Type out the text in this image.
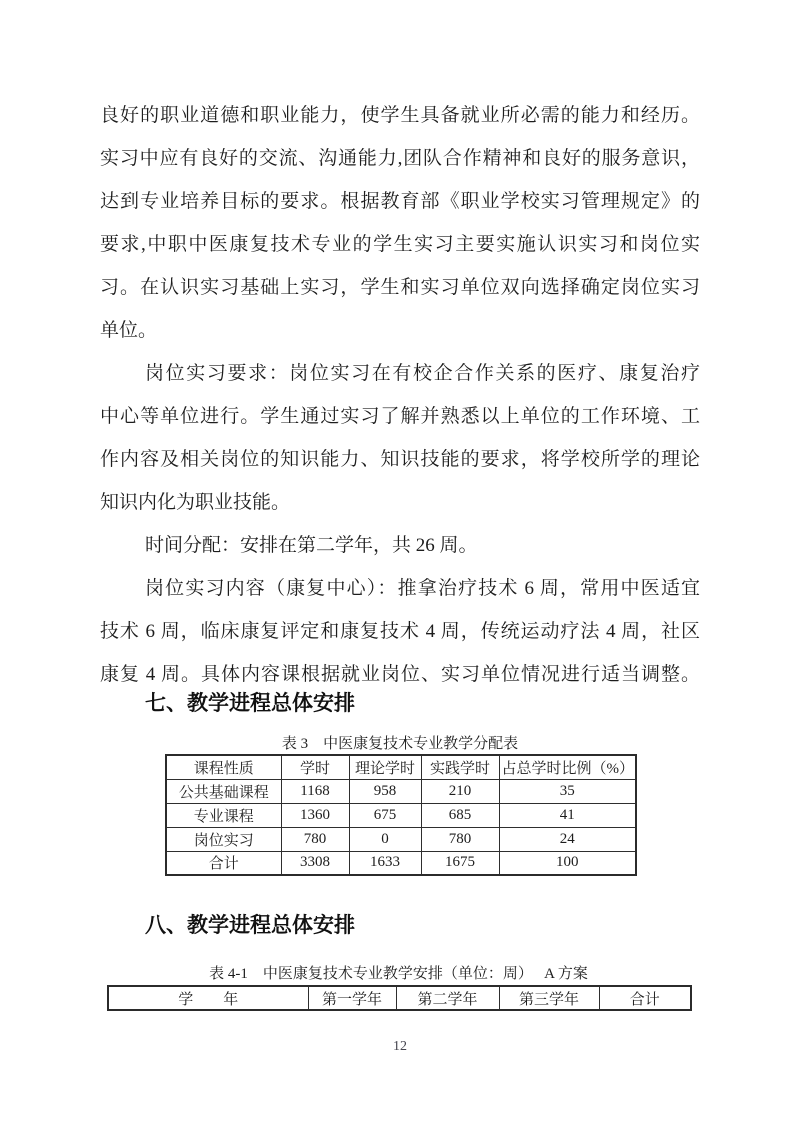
良好的职业道德和职业能力，使学生具备就业所必需的能力和经历。
实习中应有良好的交流、沟通能力,团队合作精神和良好的服务意识，
达到专业培养目标的要求。根据教育部《职业学校实习管理规定》的
要求,中职中医康复技术专业的学生实习主要实施认识实习和岗位实
习。在认识实习基础上实习，学生和实习单位双向选择确定岗位实习
单位。
岗位实习要求：岗位实习在有校企合作关系的医疗、康复治疗
中心等单位进行。学生通过实习了解并熟悉以上单位的工作环境、工
作内容及相关岗位的知识能力、知识技能的要求，将学校所学的理论
知识内化为职业技能。
时间分配：安排在第二学年，共 26 周。
岗位实习内容（康复中心）：推拿治疗技术 6 周，常用中医适宜
技术 6 周，临床康复评定和康复技术 4 周，传统运动疗法 4 周，社区
康复 4 周。具体内容课根据就业岗位、实习单位情况进行适当调整。
七、教学进程总体安排
表 3　中医康复技术专业教学分配表
课程性质	学时	理论学时	实践学时	占总学时比例（%）
公共基础课程	1168	958	210	35
专业课程	1360	675	685	41
岗位实习	780	0	780	24
合计	3308	1633	1675	100
八、教学进程总体安排
表 4-1　中医康复技术专业教学安排（单位：周）　 A 方案
学　　年	第一学年	第二学年	第三学年	合计
12
